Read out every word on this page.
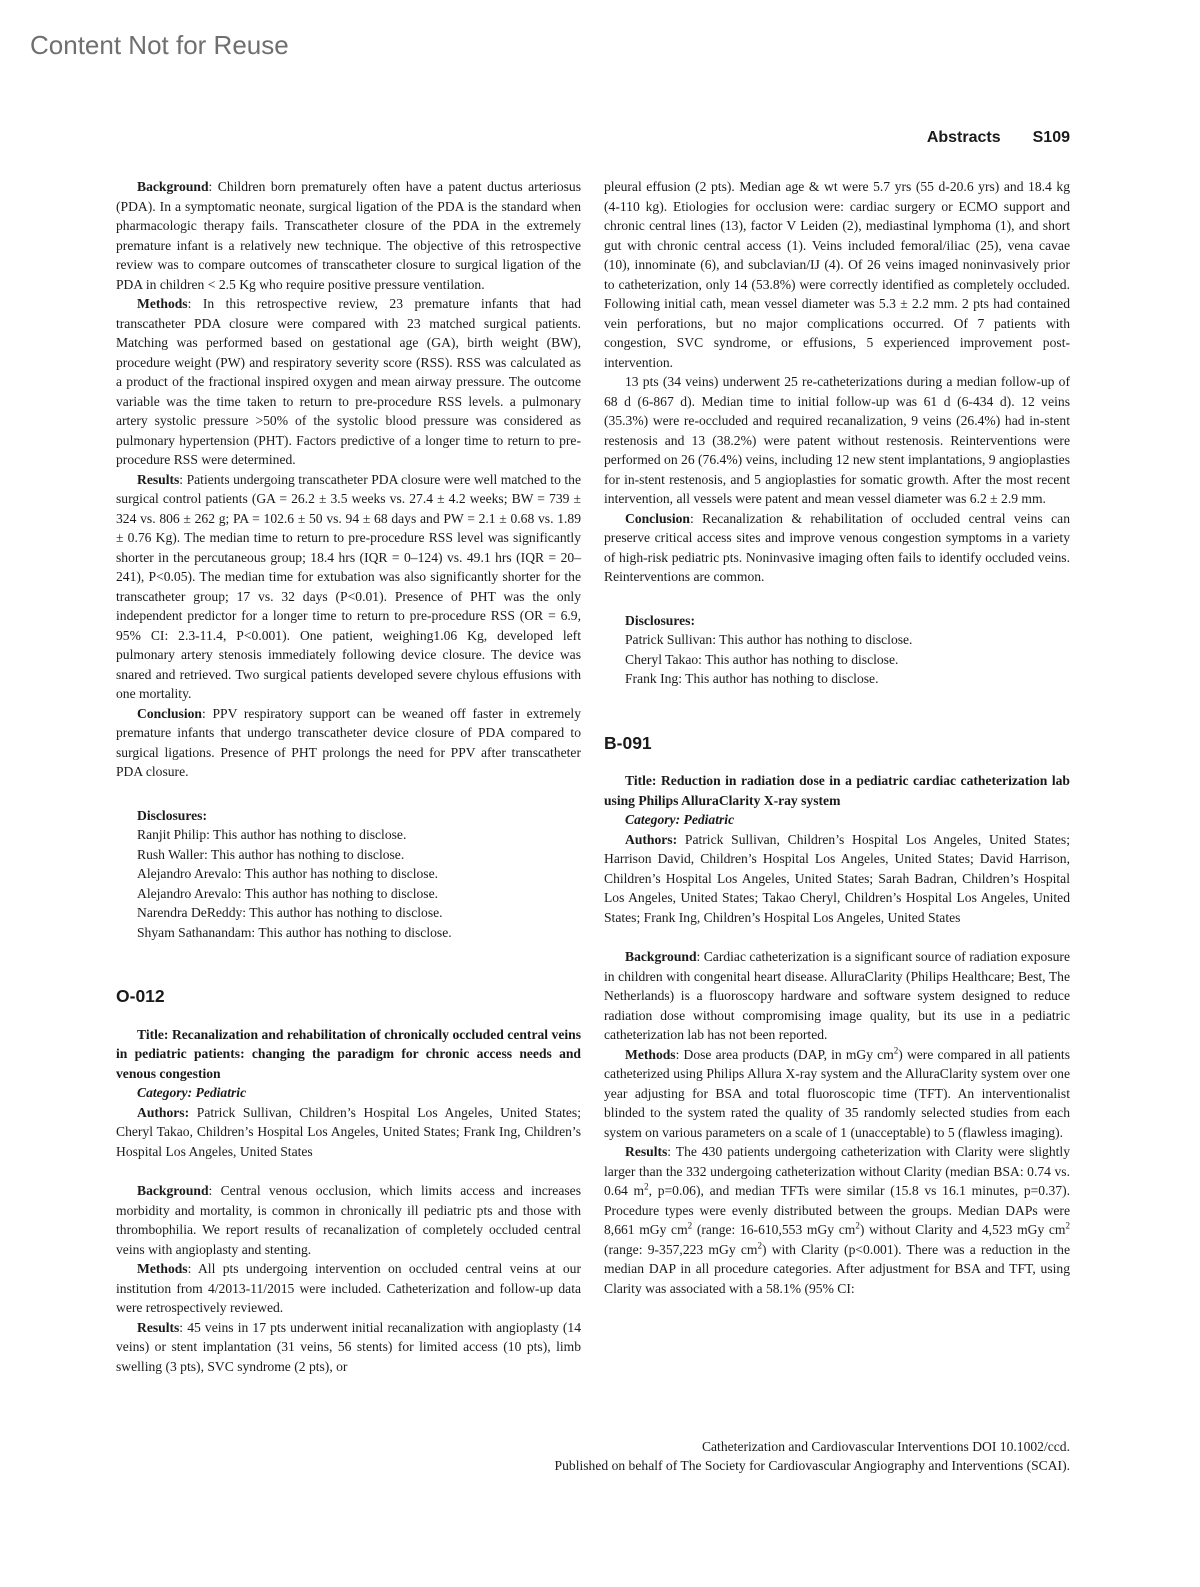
Content Not for Reuse
Abstracts S109

Background: Children born prematurely often have a patent ductus arteriosus (PDA). In a symptomatic neonate, surgical ligation of the PDA is the standard when pharmacologic therapy fails. Transcatheter closure of the PDA in the extremely premature infant is a relatively new technique. The objective of this retrospective review was to compare outcomes of transcatheter closure to surgical ligation of the PDA in children < 2.5 Kg who require positive pressure ventilation.

Methods: In this retrospective review, 23 premature infants that had transcatheter PDA closure were compared with 23 matched surgical patients. Matching was performed based on gestational age (GA), birth weight (BW), procedure weight (PW) and respiratory severity score (RSS). RSS was calculated as a product of the fractional inspired oxygen and mean airway pressure. The outcome variable was the time taken to return to pre-procedure RSS levels. a pulmonary artery systolic pressure >50% of the systolic blood pressure was considered as pulmonary hypertension (PHT). Factors predictive of a longer time to return to pre-procedure RSS were determined.

Results: Patients undergoing transcatheter PDA closure were well matched to the surgical control patients (GA = 26.2 ± 3.5 weeks vs. 27.4 ± 4.2 weeks; BW = 739 ± 324 vs. 806 ± 262 g; PA = 102.6 ± 50 vs. 94 ± 68 days and PW = 2.1 ± 0.68 vs. 1.89 ± 0.76 Kg). The median time to return to pre-procedure RSS level was significantly shorter in the percutaneous group; 18.4 hrs (IQR = 0–124) vs. 49.1 hrs (IQR = 20–241), P<0.05). The median time for extubation was also significantly shorter for the transcatheter group; 17 vs. 32 days (P<0.01). Presence of PHT was the only independent predictor for a longer time to return to pre-procedure RSS (OR = 6.9, 95% CI: 2.3-11.4, P<0.001). One patient, weighing1.06 Kg, developed left pulmonary artery stenosis immediately following device closure. The device was snared and retrieved. Two surgical patients developed severe chylous effusions with one mortality.

Conclusion: PPV respiratory support can be weaned off faster in extremely premature infants that undergo transcatheter device closure of PDA compared to surgical ligations. Presence of PHT prolongs the need for PPV after transcatheter PDA closure.

Disclosures:
Ranjit Philip: This author has nothing to disclose.
Rush Waller: This author has nothing to disclose.
Alejandro Arevalo: This author has nothing to disclose.
Alejandro Arevalo: This author has nothing to disclose.
Narendra DeReddy: This author has nothing to disclose.
Shyam Sathanandam: This author has nothing to disclose.
O-012

Title: Recanalization and rehabilitation of chronically occluded central veins in pediatric patients: changing the paradigm for chronic access needs and venous congestion

Category: Pediatric

Authors: Patrick Sullivan, Children’s Hospital Los Angeles, United States; Cheryl Takao, Children’s Hospital Los Angeles, United States; Frank Ing, Children’s Hospital Los Angeles, United States

Background: Central venous occlusion, which limits access and increases morbidity and mortality, is common in chronically ill pediatric pts and those with thrombophilia. We report results of recanalization of completely occluded central veins with angioplasty and stenting.

Methods: All pts undergoing intervention on occluded central veins at our institution from 4/2013-11/2015 were included. Catheterization and follow-up data were retrospectively reviewed.

Results: 45 veins in 17 pts underwent initial recanalization with angioplasty (14 veins) or stent implantation (31 veins, 56 stents) for limited access (10 pts), limb swelling (3 pts), SVC syndrome (2 pts), or

pleural effusion (2 pts). Median age & wt were 5.7 yrs (55 d-20.6 yrs) and 18.4 kg (4-110 kg). Etiologies for occlusion were: cardiac surgery or ECMO support and chronic central lines (13), factor V Leiden (2), mediastinal lymphoma (1), and short gut with chronic central access (1). Veins included femoral/iliac (25), vena cavae (10), innominate (6), and subclavian/IJ (4). Of 26 veins imaged noninvasively prior to catheterization, only 14 (53.8%) were correctly identified as completely occluded. Following initial cath, mean vessel diameter was 5.3 ± 2.2 mm. 2 pts had contained vein perforations, but no major complications occurred. Of 7 patients with congestion, SVC syndrome, or effusions, 5 experienced improvement post-intervention.

13 pts (34 veins) underwent 25 re-catheterizations during a median follow-up of 68 d (6-867 d). Median time to initial follow-up was 61 d (6-434 d). 12 veins (35.3%) were re-occluded and required recanalization, 9 veins (26.4%) had in-stent restenosis and 13 (38.2%) were patent without restenosis. Reinterventions were performed on 26 (76.4%) veins, including 12 new stent implantations, 9 angioplasties for in-stent restenosis, and 5 angioplasties for somatic growth. After the most recent intervention, all vessels were patent and mean vessel diameter was 6.2 ± 2.9 mm.

Conclusion: Recanalization & rehabilitation of occluded central veins can preserve critical access sites and improve venous congestion symptoms in a variety of high-risk pediatric pts. Noninvasive imaging often fails to identify occluded veins. Reinterventions are common.

Disclosures:
Patrick Sullivan: This author has nothing to disclose.
Cheryl Takao: This author has nothing to disclose.
Frank Ing: This author has nothing to disclose.
B-091

Title: Reduction in radiation dose in a pediatric cardiac catheterization lab using Philips AlluraClarity X-ray system

Category: Pediatric

Authors: Patrick Sullivan, Children’s Hospital Los Angeles, United States; Harrison David, Children’s Hospital Los Angeles, United States; David Harrison, Children’s Hospital Los Angeles, United States; Sarah Badran, Children’s Hospital Los Angeles, United States; Takao Cheryl, Children’s Hospital Los Angeles, United States; Frank Ing, Children’s Hospital Los Angeles, United States

Background: Cardiac catheterization is a significant source of radiation exposure in children with congenital heart disease. AlluraClarity (Philips Healthcare; Best, The Netherlands) is a fluoroscopy hardware and software system designed to reduce radiation dose without compromising image quality, but its use in a pediatric catheterization lab has not been reported.

Methods: Dose area products (DAP, in mGy $cm^2$) were compared in all patients catheterized using Philips Allura X-ray system and the AlluraClarity system over one year adjusting for BSA and total fluoroscopic time (TFT). An interventionalist blinded to the system rated the quality of 35 randomly selected studies from each system on various parameters on a scale of 1 (unacceptable) to 5 (flawless imaging).

Results: The 430 patients undergoing catheterization with Clarity were slightly larger than the 332 undergoing catheterization without Clarity (median BSA: 0.74 vs. 0.64 $m^2$, p=0.06), and median TFTs were similar (15.8 vs 16.1 minutes, p=0.37). Procedure types were evenly distributed between the groups. Median DAPs were 8,661 mGy $cm^2$ (range: 16-610,553 mGy $cm^2$) without Clarity and 4,523 mGy $cm^2$ (range: 9-357,223 mGy $cm^2$) with Clarity (p<0.001). There was a reduction in the median DAP in all procedure categories. After adjustment for BSA and TFT, using Clarity was associated with a 58.1% (95% CI:

Catheterization and Cardiovascular Interventions DOI 10.1002/ccd.
Published on behalf of The Society for Cardiovascular Angiography and Interventions (SCAI).
